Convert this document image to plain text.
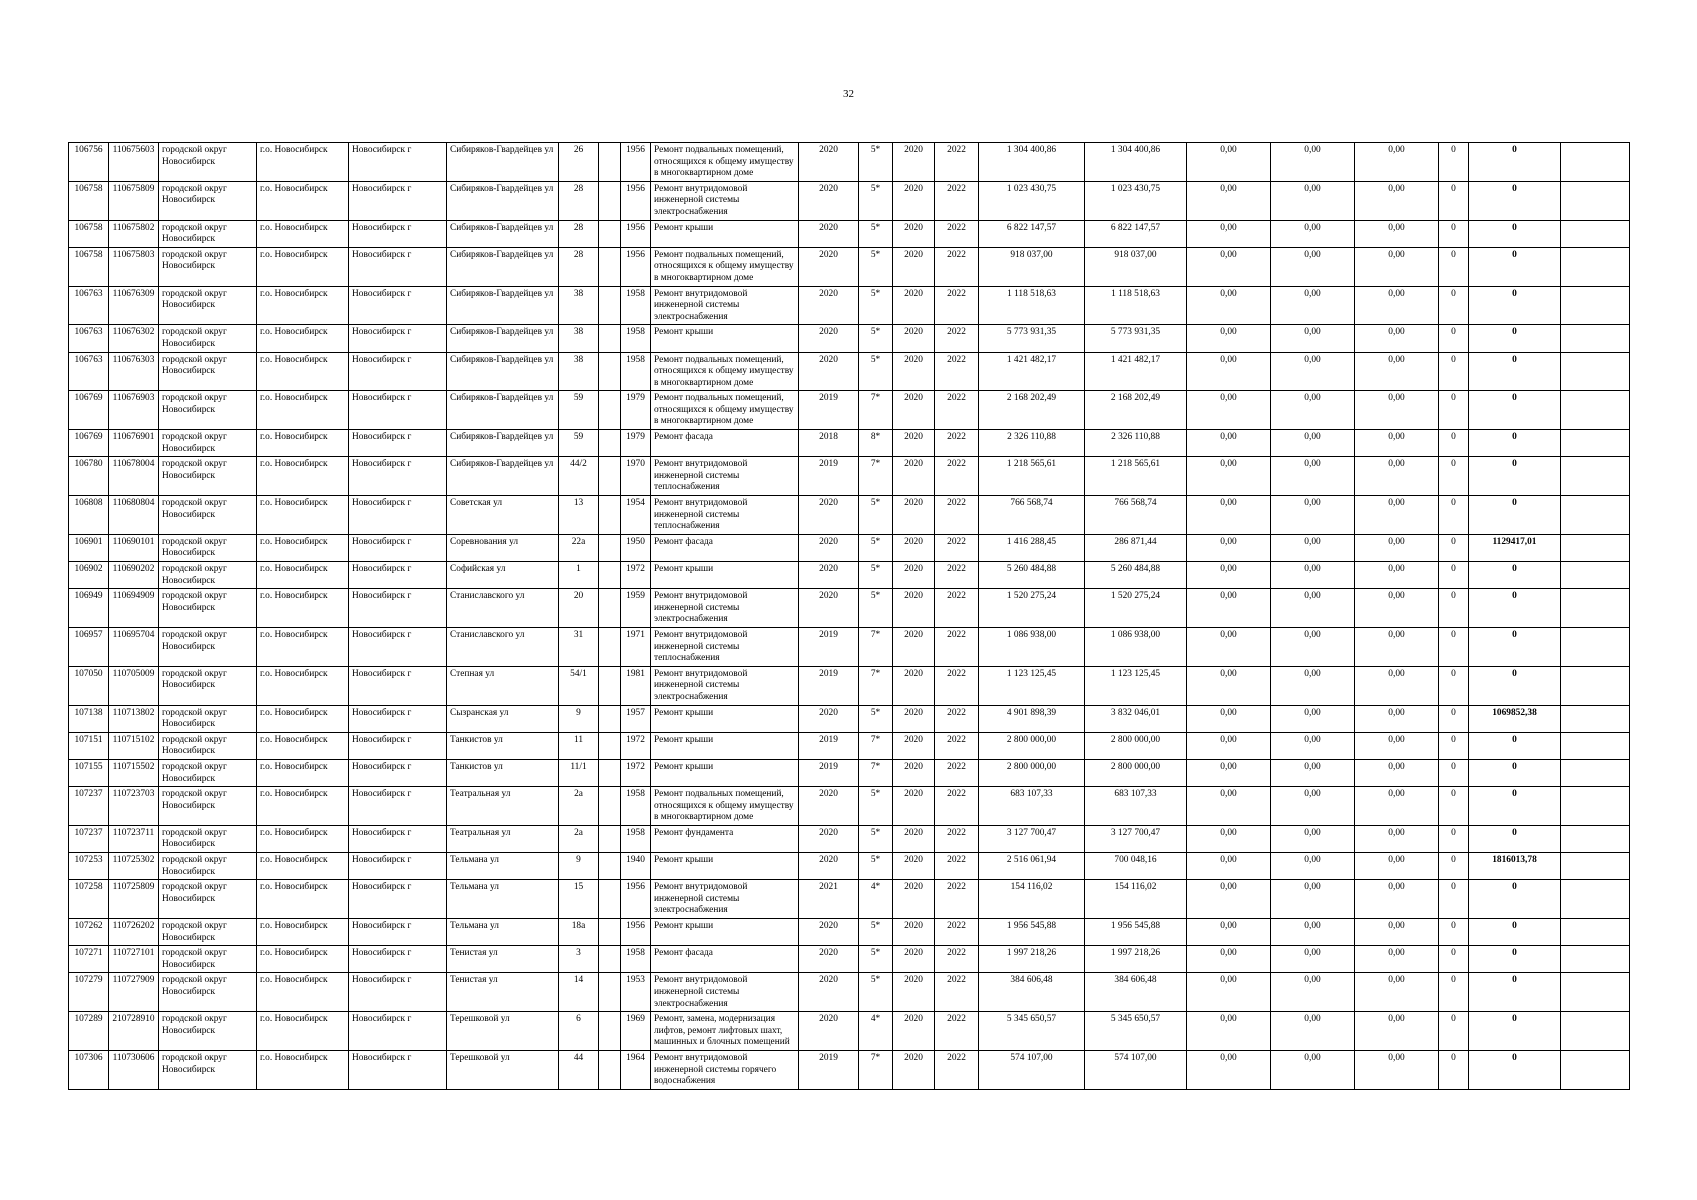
32
106756	110675603	городской округ Новосибирск	г.о. Новосибирск	Новосибирск г	Сибиряков-Гвардейцев ул	26		1956	Ремонт подвальных помещений, относящихся к общему имуществу в многоквартирном доме	2020	5*	2020	2022	1 304 400,86	1 304 400,86	0,00	0,00	0,00	0	0	
106758	110675809	городской округ Новосибирск	г.о. Новосибирск	Новосибирск г	Сибиряков-Гвардейцев ул	28		1956	Ремонт внутридомовой инженерной системы электроснабжения	2020	5*	2020	2022	1 023 430,75	1 023 430,75	0,00	0,00	0,00	0	0	
106758	110675802	городской округ Новосибирск	г.о. Новосибирск	Новосибирск г	Сибиряков-Гвардейцев ул	28		1956	Ремонт крыши	2020	5*	2020	2022	6 822 147,57	6 822 147,57	0,00	0,00	0,00	0	0	
106758	110675803	городской округ Новосибирск	г.о. Новосибирск	Новосибирск г	Сибиряков-Гвардейцев ул	28		1956	Ремонт подвальных помещений, относящихся к общему имуществу в многоквартирном доме	2020	5*	2020	2022	918 037,00	918 037,00	0,00	0,00	0,00	0	0	
106763	110676309	городской округ Новосибирск	г.о. Новосибирск	Новосибирск г	Сибиряков-Гвардейцев ул	38		1958	Ремонт внутридомовой инженерной системы электроснабжения	2020	5*	2020	2022	1 118 518,63	1 118 518,63	0,00	0,00	0,00	0	0	
106763	110676302	городской округ Новосибирск	г.о. Новосибирск	Новосибирск г	Сибиряков-Гвардейцев ул	38		1958	Ремонт крыши	2020	5*	2020	2022	5 773 931,35	5 773 931,35	0,00	0,00	0,00	0	0	
106763	110676303	городской округ Новосибирск	г.о. Новосибирск	Новосибирск г	Сибиряков-Гвардейцев ул	38		1958	Ремонт подвальных помещений, относящихся к общему имуществу в многоквартирном доме	2020	5*	2020	2022	1 421 482,17	1 421 482,17	0,00	0,00	0,00	0	0	
106769	110676903	городской округ Новосибирск	г.о. Новосибирск	Новосибирск г	Сибиряков-Гвардейцев ул	59		1979	Ремонт подвальных помещений, относящихся к общему имуществу в многоквартирном доме	2019	7*	2020	2022	2 168 202,49	2 168 202,49	0,00	0,00	0,00	0	0	
106769	110676901	городской округ Новосибирск	г.о. Новосибирск	Новосибирск г	Сибиряков-Гвардейцев ул	59		1979	Ремонт фасада	2018	8*	2020	2022	2 326 110,88	2 326 110,88	0,00	0,00	0,00	0	0	
106780	110678004	городской округ Новосибирск	г.о. Новосибирск	Новосибирск г	Сибиряков-Гвардейцев ул	44/2		1970	Ремонт внутридомовой инженерной системы теплоснабжения	2019	7*	2020	2022	1 218 565,61	1 218 565,61	0,00	0,00	0,00	0	0	
106808	110680804	городской округ Новосибирск	г.о. Новосибирск	Новосибирск г	Советская ул	13		1954	Ремонт внутридомовой инженерной системы теплоснабжения	2020	5*	2020	2022	766 568,74	766 568,74	0,00	0,00	0,00	0	0	
106901	110690101	городской округ Новосибирск	г.о. Новосибирск	Новосибирск г	Соревнования ул	22а		1950	Ремонт фасада	2020	5*	2020	2022	1 416 288,45	286 871,44	0,00	0,00	0,00	0	1129417,01	
106902	110690202	городской округ Новосибирск	г.о. Новосибирск	Новосибирск г	Софийская ул	1		1972	Ремонт крыши	2020	5*	2020	2022	5 260 484,88	5 260 484,88	0,00	0,00	0,00	0	0	
106949	110694909	городской округ Новосибирск	г.о. Новосибирск	Новосибирск г	Станиславского ул	20		1959	Ремонт внутридомовой инженерной системы электроснабжения	2020	5*	2020	2022	1 520 275,24	1 520 275,24	0,00	0,00	0,00	0	0	
106957	110695704	городской округ Новосибирск	г.о. Новосибирск	Новосибирск г	Станиславского ул	31		1971	Ремонт внутридомовой инженерной системы теплоснабжения	2019	7*	2020	2022	1 086 938,00	1 086 938,00	0,00	0,00	0,00	0	0	
107050	110705009	городской округ Новосибирск	г.о. Новосибирск	Новосибирск г	Степная ул	54/1		1981	Ремонт внутридомовой инженерной системы электроснабжения	2019	7*	2020	2022	1 123 125,45	1 123 125,45	0,00	0,00	0,00	0	0	
107138	110713802	городской округ Новосибирск	г.о. Новосибирск	Новосибирск г	Сызранская ул	9		1957	Ремонт крыши	2020	5*	2020	2022	4 901 898,39	3 832 046,01	0,00	0,00	0,00	0	1069852,38	
107151	110715102	городской округ Новосибирск	г.о. Новосибирск	Новосибирск г	Танкистов ул	11		1972	Ремонт крыши	2019	7*	2020	2022	2 800 000,00	2 800 000,00	0,00	0,00	0,00	0	0	
107155	110715502	городской округ Новосибирск	г.о. Новосибирск	Новосибирск г	Танкистов ул	11/1		1972	Ремонт крыши	2019	7*	2020	2022	2 800 000,00	2 800 000,00	0,00	0,00	0,00	0	0	
107237	110723703	городской округ Новосибирск	г.о. Новосибирск	Новосибирск г	Театральная ул	2а		1958	Ремонт подвальных помещений, относящихся к общему имуществу в многоквартирном доме	2020	5*	2020	2022	683 107,33	683 107,33	0,00	0,00	0,00	0	0	
107237	110723711	городской округ Новосибирск	г.о. Новосибирск	Новосибирск г	Театральная ул	2а		1958	Ремонт фундамента	2020	5*	2020	2022	3 127 700,47	3 127 700,47	0,00	0,00	0,00	0	0	
107253	110725302	городской округ Новосибирск	г.о. Новосибирск	Новосибирск г	Тельмана ул	9		1940	Ремонт крыши	2020	5*	2020	2022	2 516 061,94	700 048,16	0,00	0,00	0,00	0	1816013,78	
107258	110725809	городской округ Новосибирск	г.о. Новосибирск	Новосибирск г	Тельмана ул	15		1956	Ремонт внутридомовой инженерной системы электроснабжения	2021	4*	2020	2022	154 116,02	154 116,02	0,00	0,00	0,00	0	0	
107262	110726202	городской округ Новосибирск	г.о. Новосибирск	Новосибирск г	Тельмана ул	18а		1956	Ремонт крыши	2020	5*	2020	2022	1 956 545,88	1 956 545,88	0,00	0,00	0,00	0	0	
107271	110727101	городской округ Новосибирск	г.о. Новосибирск	Новосибирск г	Тенистая ул	3		1958	Ремонт фасада	2020	5*	2020	2022	1 997 218,26	1 997 218,26	0,00	0,00	0,00	0	0	
107279	110727909	городской округ Новосибирск	г.о. Новосибирск	Новосибирск г	Тенистая ул	14		1953	Ремонт внутридомовой инженерной системы электроснабжения	2020	5*	2020	2022	384 606,48	384 606,48	0,00	0,00	0,00	0	0	
107289	210728910	городской округ Новосибирск	г.о. Новосибирск	Новосибирск г	Терешковой ул	6		1969	Ремонт, замена, модернизация лифтов, ремонт лифтовых шахт, машинных и блочных помещений	2020	4*	2020	2022	5 345 650,57	5 345 650,57	0,00	0,00	0,00	0	0	
107306	110730606	городской округ Новосибирск	г.о. Новосибирск	Новосибирск г	Терешковой ул	44		1964	Ремонт внутридомовой инженерной системы горячего водоснабжения	2019	7*	2020	2022	574 107,00	574 107,00	0,00	0,00	0,00	0	0	
